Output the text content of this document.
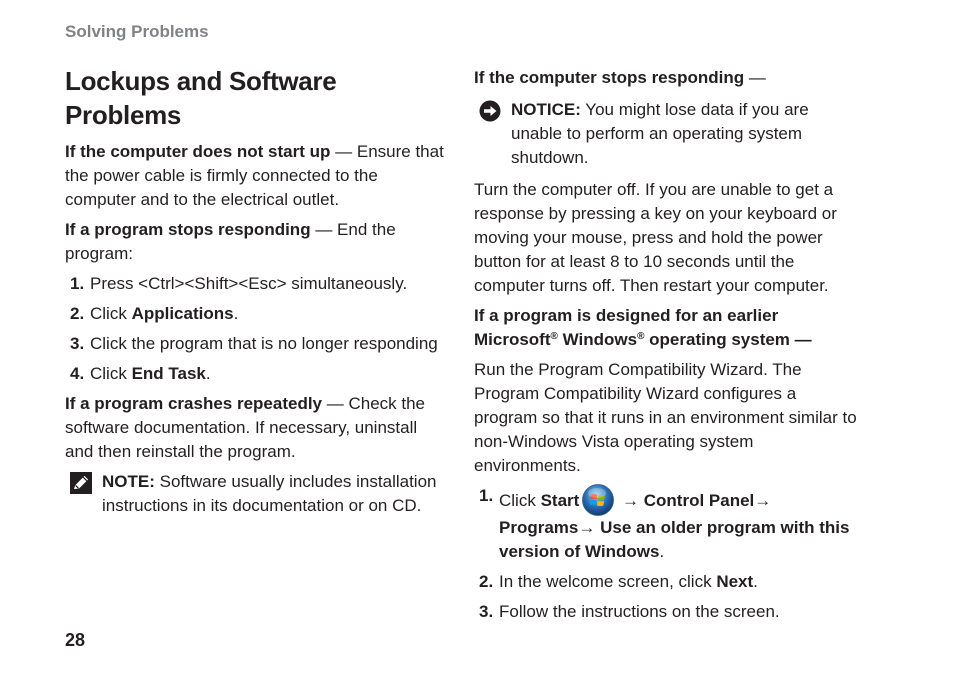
Solving Problems
Lockups and Software Problems

If the computer does not start up — Ensure that the power cable is firmly connected to the computer and to the electrical outlet.

If a program stops responding — End the program:

1. Press <Ctrl><Shift><Esc> simultaneously.
2. Click Applications.
3. Click the program that is no longer responding
4. Click End Task.

If a program crashes repeatedly — Check the software documentation. If necessary, uninstall and then reinstall the program.

NOTE: Software usually includes installation instructions in its documentation or on CD.

If the computer stops responding —

NOTICE: You might lose data if you are unable to perform an operating system shutdown.

Turn the computer off. If you are unable to get a response by pressing a key on your keyboard or moving your mouse, press and hold the power button for at least 8 to 10 seconds until the computer turns off. Then restart your computer.

If a program is designed for an earlier Microsoft® Windows® operating system —

Run the Program Compatibility Wizard. The Program Compatibility Wizard configures a program so that it runs in an environment similar to non-Windows Vista operating system environments.

1. Click Start → Control Panel→ Programs→ Use an older program with this version of Windows.
2. In the welcome screen, click Next.
3. Follow the instructions on the screen.
28
